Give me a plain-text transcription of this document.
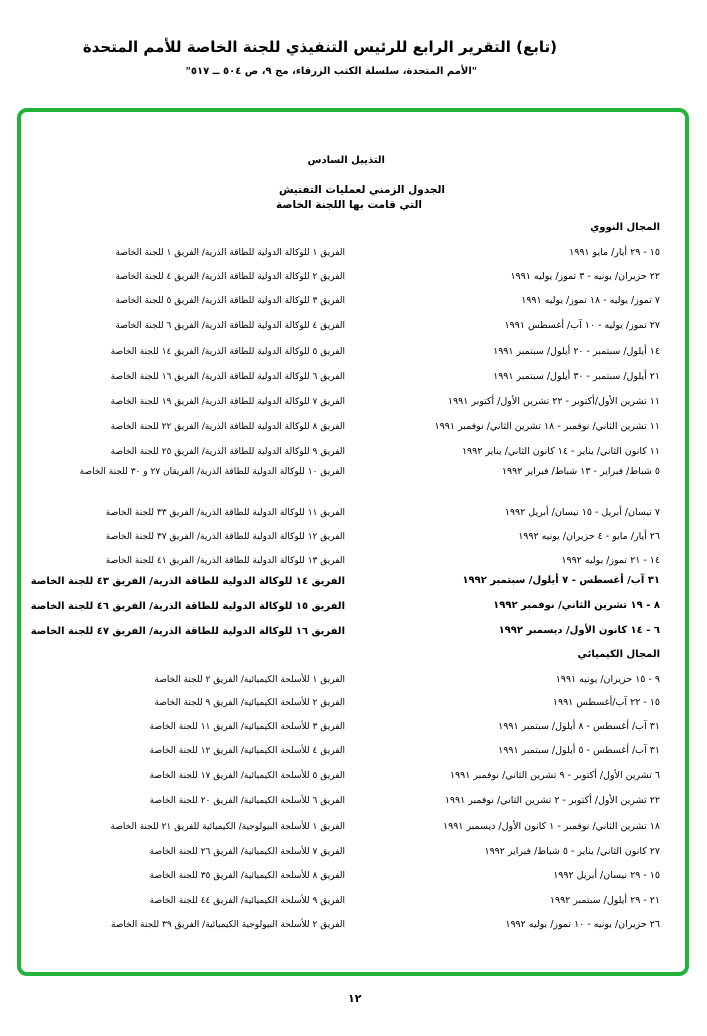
(تابع) التقرير الرابع للرئيس التنفيذي للجنة الخاصة للأمم المتحدة
"الأمم المتحدة، سلسلة الكتب الزرقاء، مج ٩، ص ٥٠٤ ــ ٥١٧"
التذييل السادس
الجدول الزمني لعمليات التفتيش
التي قامت بها اللجنة الخاصة
المجال النووي
١٥ - ٢٩ أيار/ مايو ١٩٩١
الفريق ١ للوكالة الدولية للطاقة الذرية/ الفريق ١ للجنة الخاصة
٢٢ حزيران/ يونيه - ٣ تموز/ يوليه ١٩٩١
الفريق ٢ للوكالة الدولية للطاقة الذرية/ الفريق ٤ للجنة الخاصة
٧ تموز/ يوليه - ١٨ تموز/ يوليه ١٩٩١
الفريق ٣ للوكالة الدولية للطاقة الذرية/ الفريق ٥ للجنة الخاصة
٢٧ تموز/ يوليه - ١٠ آب/ أغسطس ١٩٩١
الفريق ٤ للوكالة الدولية للطاقة الذرية/ الفريق ٦ للجنة الخاصة
١٤ أيلول/ سبتمبر - ٢٠ أيلول/ سبتمبر ١٩٩١
الفريق ٥ للوكالة الدولية للطاقة الذرية/ الفريق ١٤ للجنة الخاصة
٢١ أيلول/ سبتمبر - ٣٠ أيلول/ سبتمبر ١٩٩١
الفريق ٦ للوكالة الدولية للطاقة الذرية/ الفريق ١٦ للجنة الخاصة
١١ تشرين الأول/أكتوبر - ٢٢ تشرين الأول/ أكتوبر ١٩٩١
الفريق ٧ للوكالة الدولية للطاقة الذرية/ الفريق ١٩ للجنة الخاصة
١١ تشرين الثاني/ نوفمبر - ١٨ تشرين الثاني/ نوفمبر ١٩٩١
الفريق ٨ للوكالة الدولية للطاقة الذرية/ الفريق ٢٢ للجنة الخاصة
١١ كانون الثاني/ يناير - ١٤ كانون الثاني/ يناير ١٩٩٢
الفريق ٩ للوكالة الدولية للطاقة الذرية/ الفريق ٢٥ للجنة الخاصة
٥ شباط/ فبراير - ١٣ شباط/ فبراير ١٩٩٢
الفريق ١٠ للوكالة الدولية للطاقة الذرية/ الفريقان ٢٧ و ٣٠ للجنة الخاصة
٧ نيسان/ أبريل - ١٥ نيسان/ أبريل ١٩٩٢
الفريق ١١ للوكالة الدولية للطاقة الذرية/ الفريق ٣٣ للجنة الخاصة
٢٦ أيار/ مايو - ٤ حزيران/ يونيه ١٩٩٢
الفريق ١٢ للوكالة الدولية للطاقة الذرية/ الفريق ٣٧ للجنة الخاصة
١٤ - ٢١ تموز/ يوليه ١٩٩٢
الفريق ١٣ للوكالة الدولية للطاقة الذرية/ الفريق ٤١ للجنة الخاصة
٣١ آب/ أغسطس - ٧ أيلول/ سبتمبر ١٩٩٢
الفريق ١٤ للوكالة الدولية للطاقة الذرية/ الفريق ٤٣ للجنة الخاصة
٨ - ١٩ تشرين الثاني/ نوفمبر ١٩٩٢
الفريق ١٥ للوكالة الدولية للطاقة الذرية/ الفريق ٤٦ للجنة الخاصة
٦ - ١٤ كانون الأول/ ديسمبر ١٩٩٢
الفريق ١٦ للوكالة الدولية للطاقة الذرية/ الفريق ٤٧ للجنة الخاصة
المجال الكيميائي
٩ - ١٥ حزيران/ يونيه ١٩٩١
الفريق ١ للأسلحة الكيميائية/ الفريق ٢ للجنة الخاصة
١٥ - ٢٢ آب/أغسطس ١٩٩١
الفريق ٢ للأسلحة الكيميائية/ الفريق ٩ للجنة الخاصة
٣١ آب/ أغسطس - ٨ أيلول/ سبتمبر ١٩٩١
الفريق ٣ للأسلحة الكيميائية/ الفريق ١١ للجنة الخاصة
٣١ آب/ أغسطس - ٥ أيلول/ سبتمبر ١٩٩١
الفريق ٤ للأسلحة الكيميائية/ الفريق ١٢ للجنة الخاصة
٦ تشرين الأول/ أكتوبر - ٩ تشرين الثاني/ نوفمبر ١٩٩١
الفريق ٥ للأسلحة الكيميائية/ الفريق ١٧ للجنة الخاصة
٢٢ تشرين الأول/ أكتوبر - ٢ تشرين الثاني/ نوفمبر ١٩٩١
الفريق ٦ للأسلحة الكيميائية/ الفريق ٢٠ للجنة الخاصة
١٨ تشرين الثاني/ نوفمبر - ١ كانون الأول/ ديسمبر ١٩٩١
الفريق ١ للأسلحة البيولوجية/ الكيميائية للفريق ٢١ للجنة الخاصة
٢٧ كانون الثاني/ يناير - ٥ شباط/ فبراير ١٩٩٢
الفريق ٧ للأسلحة الكيميائية/ الفريق ٢٦ للجنة الخاصة
١٥ - ٢٩ نيسان/ أبريل ١٩٩٢
الفريق ٨ للأسلحة الكيميائية/ الفريق ٣٥ للجنة الخاصة
٢١ - ٢٩ أيلول/ سبتمبر ١٩٩٢
الفريق ٩ للأسلحة الكيميائية/ الفريق ٤٤ للجنة الخاصة
٢٦ حزيران/ يونيه - ١٠ تموز/ يوليه ١٩٩٢
الفريق ٢ للأسلحة البيولوجية الكيميائية/ الفريق ٣٩ للجنة الخاصة
١٢
